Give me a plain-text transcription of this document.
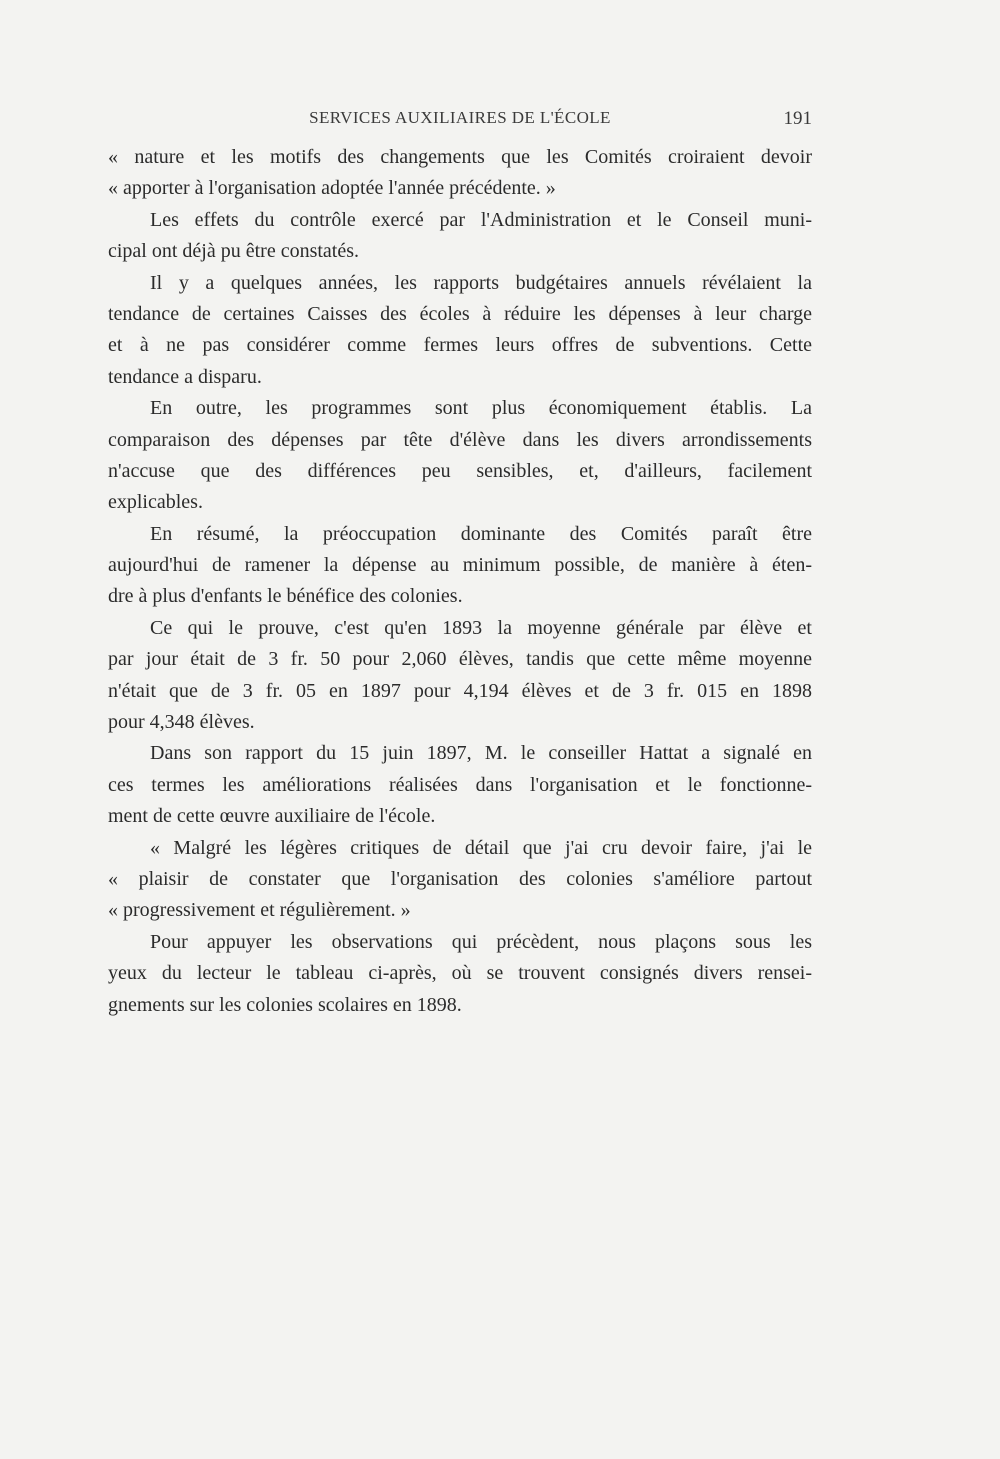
SERVICES AUXILIAIRES DE L'ÉCOLE	191
« nature et les motifs des changements que les Comités croiraient devoir
« apporter à l'organisation adoptée l'année précédente. »
Les effets du contrôle exercé par l'Administration et le Conseil muni-
cipal ont déjà pu être constatés.
Il y a quelques années, les rapports budgétaires annuels révélaient la
tendance de certaines Caisses des écoles à réduire les dépenses à leur charge
et à ne pas considérer comme fermes leurs offres de subventions. Cette
tendance a disparu.
En outre, les programmes sont plus économiquement établis. La
comparaison des dépenses par tête d'élève dans les divers arrondissements
n'accuse que des différences peu sensibles, et, d'ailleurs, facilement
explicables.
En résumé, la préoccupation dominante des Comités paraît être
aujourd'hui de ramener la dépense au minimum possible, de manière à éten-
dre à plus d'enfants le bénéfice des colonies.
Ce qui le prouve, c'est qu'en 1893 la moyenne générale par élève et
par jour était de 3 fr. 50 pour 2,060 élèves, tandis que cette même moyenne
n'était que de 3 fr. 05 en 1897 pour 4,194 élèves et de 3 fr. 015 en 1898
pour 4,348 élèves.
Dans son rapport du 15 juin 1897, M. le conseiller Hattat a signalé en
ces termes les améliorations réalisées dans l'organisation et le fonctionne-
ment de cette œuvre auxiliaire de l'école.
« Malgré les légères critiques de détail que j'ai cru devoir faire, j'ai le
« plaisir de constater que l'organisation des colonies s'améliore partout
« progressivement et régulièrement. »
Pour appuyer les observations qui précèdent, nous plaçons sous les
yeux du lecteur le tableau ci-après, où se trouvent consignés divers rensei-
gnements sur les colonies scolaires en 1898.
